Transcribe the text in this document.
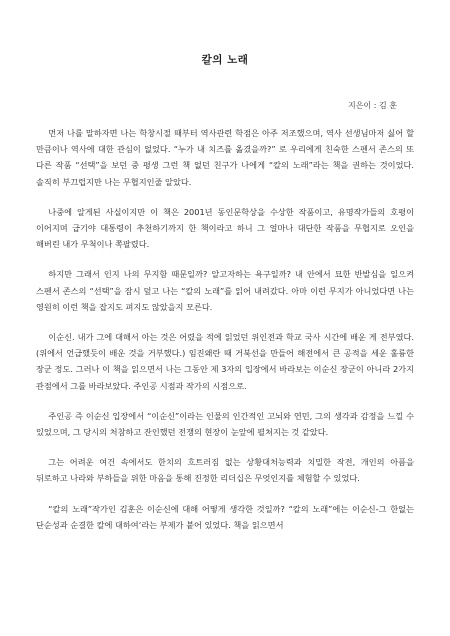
칼의 노래
지은이 : 김 훈

먼저 나를 말하자면 나는 학창시절 때부터 역사관련 학점은 아주 저조했으며, 역사 선생님마저 싫어 할 만큼이나 역사에 대한 관심이 없었다. “누가 내 치즈를 옮겼을까?” 로 우리에게 친숙한 스펜서 존스의 또 다른 작품 “선택”을 보던 중 평생 그런 책 없던 친구가 나에게 “칼의 노래”라는 책을 권하는 것이었다. 솔직히 부끄럽지만 나는 무협지인줄 알았다.

나중에 알게된 사실이지만 이 책은 2001년 동인문학상을 수상한 작품이고, 유명작가들의 호평이 이어지며 급기야 대통령이 추천하기까지 한 책이라고 하니 그 얼마나 대단한 작품을 무협지로 오인을 해버린 내가 무척이나 쪽팔렸다.

하지만 그래서 인지 나의 무지함 때문일까? 알고자하는 욕구일까? 내 안에서 묘한 반발심을 일으켜 스펜서 존스의 “선택”을 잠시 덮고 나는 “칼의 노래”를 읽어 내려갔다. 아마 이런 무지가 아니었다면 나는 영원히 이런 책을 잡지도 펴지도 않았을지 모른다.

이순신. 내가 그에 대해서 아는 것은 어렸을 적에 읽었던 위인전과 학교 국사 시간에 배운 게 전부였다.(위에서 언급했듯이 배운 것을 거부했다.) 임진왜란 때 거북선을 만들어 해전에서 큰 공적을 세운 훌륭한 장군 정도. 그러나 이 책을 읽으면서 나는 그동안 제 3자의 입장에서 바라보는 이순신 장군이 아니라 2가지 관점에서 그를 바라보았다. 주인공 시점과 작가의 시점으로.

주인공 즉 이순신 입장에서 “이순신”이라는 인물의 인간적인 고뇌와 연민, 그의 생각과 감정을 느낄 수 있었으며, 그 당시의 처참하고 잔인했던 전쟁의 현장이 눈앞에 펼쳐지는 것 같았다.

그는 어려운 여건 속에서도 한치의 흐트러짐 없는 상황대처능력과 치밀한 작전, 개인의 아픔을 뒤로하고 나라와 부하들을 위한 마음을 통해 진정한 리더십은 무엇인지를 체험할 수 있었다.

“칼의 노래”작가인 김훈은 이순신에 대해 어떻게 생각한 것일까? “칼의 노래”에는 이순신-그 한없는 단순성과 순결한 칼에 대하여‘라는 부제가 붙어 있었다. 책을 읽으면서
